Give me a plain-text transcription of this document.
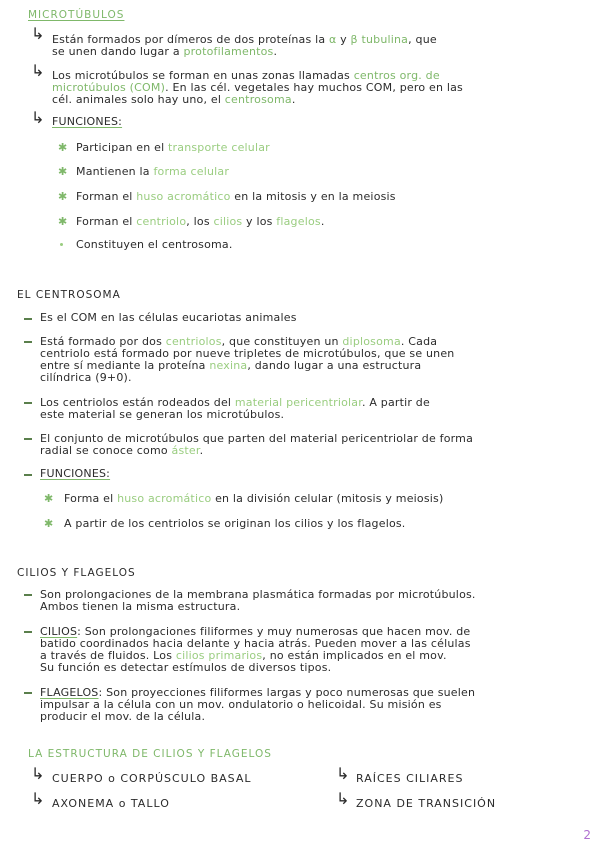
MICROTÚBULOS
↳ Están formados por dímeros de dos proteínas la α y β tubulina, que
se unen dando lugar a protofilamentos.
↳ Los microtúbulos se forman en unas zonas llamadas centros org. de
microtúbulos (COM). En las cél. vegetales hay muchos COM, pero en las
cél. animales solo hay uno, el centrosoma.
↳ FUNCIONES:
✱ Participan en el transporte celular
✱ Mantienen la forma celular
✱ Forman el huso acromático en la mitosis y en la meiosis
✱ Forman el centriolo, los cilios y los flagelos.
Constituyen el centrosoma.
EL CENTROSOMA
Es el COM en las células eucariotas animales
Está formado por dos centriolos, que constituyen un diplosoma. Cada
centriolo está formado por nueve tripletes de microtúbulos, que se unen
entre sí mediante la proteína nexina, dando lugar a una estructura
cilíndrica (9+0).
Los centriolos están rodeados del material pericentriolar. A partir de
este material se generan los microtúbulos.
El conjunto de microtúbulos que parten del material pericentriolar de forma
radial se conoce como áster.
FUNCIONES:
✱ Forma el huso acromático en la división celular (mitosis y meiosis)
✱ A partir de los centriolos se originan los cilios y los flagelos.
CILIOS Y FLAGELOS
Son prolongaciones de la membrana plasmática formadas por microtúbulos.
Ambos tienen la misma estructura.
CILIOS: Son prolongaciones filiformes y muy numerosas que hacen mov. de
batido coordinados hacia delante y hacia atrás. Pueden mover a las células
a través de fluidos. Los cilios primarios, no están implicados en el mov.
Su función es detectar estímulos de diversos tipos.
FLAGELOS: Son proyecciones filiformes largas y poco numerosas que suelen
impulsar a la célula con un mov. ondulatorio o helicoidal. Su misión es
producir el mov. de la célula.
LA ESTRUCTURA DE CILIOS Y FLAGELOS
↳ CUERPO o CORPÚSCULO BASAL	↳ RAÍCES CILIARES
↳ AXONEMA o TALLO	↳ ZONA DE TRANSICIÓN
2
